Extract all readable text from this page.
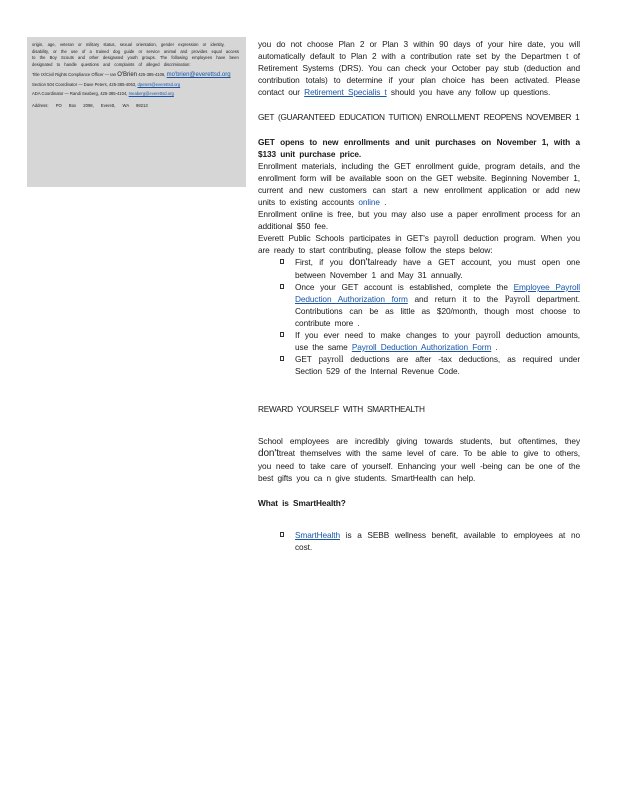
origin, age, veteran or military status, sexual orientation, gender expression or identity, disability, or the use of a trained dog guide or service animal and provides equal access to the Boy Scouts and other designated youth groups. The following employees have been designated to handle questions and complaints of alleged discrimination:

Title IX/Civil Rights Compliance Officer — Ian O'Brien 425-385-4106, mo'brien@everettsd.org
Section 504 Coordinator — Dave Peters, 425-385-4063, dpeters@everettsd.org
ADA Coordinator — Randi Seaberg, 425-385-4104, rseaberg@everettsd.org
Address: PO Box 2098, Everett, WA 98213

you do not choose Plan 2 or Plan 3 within 90 days of your hire date, you will automatically default to Plan 2 with a contribution rate set by the Departmen t of Retirement Systems (DRS). You can check your October pay stub (deduction and contribution totals) to determine if your plan choice has been activated. Please contact our Retirement Specialis t should you have any follow up questions.

GET (GUARANTEED EDUCATION TUITION) ENROLLMENT REOPENS NOVEMBER 1

GET opens to new enrollments and unit purchases on November 1, with a $133 unit purchase price.

Enrollment materials, including the GET enrollment guide, program details, and the enrollment form will be available soon on the GET website. Beginning November 1, current and new customers can start a new enrollment application or add new units to existing accounts online .

Enrollment online is free, but you may also use a paper enrollment process for an additional $50 fee.

Everett Public Schools participates in GET's payroll deduction program. When you are ready to start contributing, please follow the steps below:

First, if you don'talready have a GET account, you must open one between November 1 and May 31 annually.
Once your GET account is established, complete the Employee Payroll Deduction Authorization form and return it to the Payroll department. Contributions can be as little as $20/month, though most choose to contribute more .
If you ever need to make changes to your payroll deduction amounts, use the same Payroll Deduction Authorization Form .
GET payroll deductions are after -tax deductions, as required under Section 529 of the Internal Revenue Code.

REWARD YOURSELF WITH SMARTHEALTH

School employees are incredibly giving towards students, but oftentimes, they don'ttreat themselves with the same level of care. To be able to give to others, you need to take care of yourself. Enhancing your well -being can be one of the best gifts you ca n give students. SmartHealth can help.

What is SmartHealth?

SmartHealth is a SEBB wellness benefit, available to employees at no cost.
